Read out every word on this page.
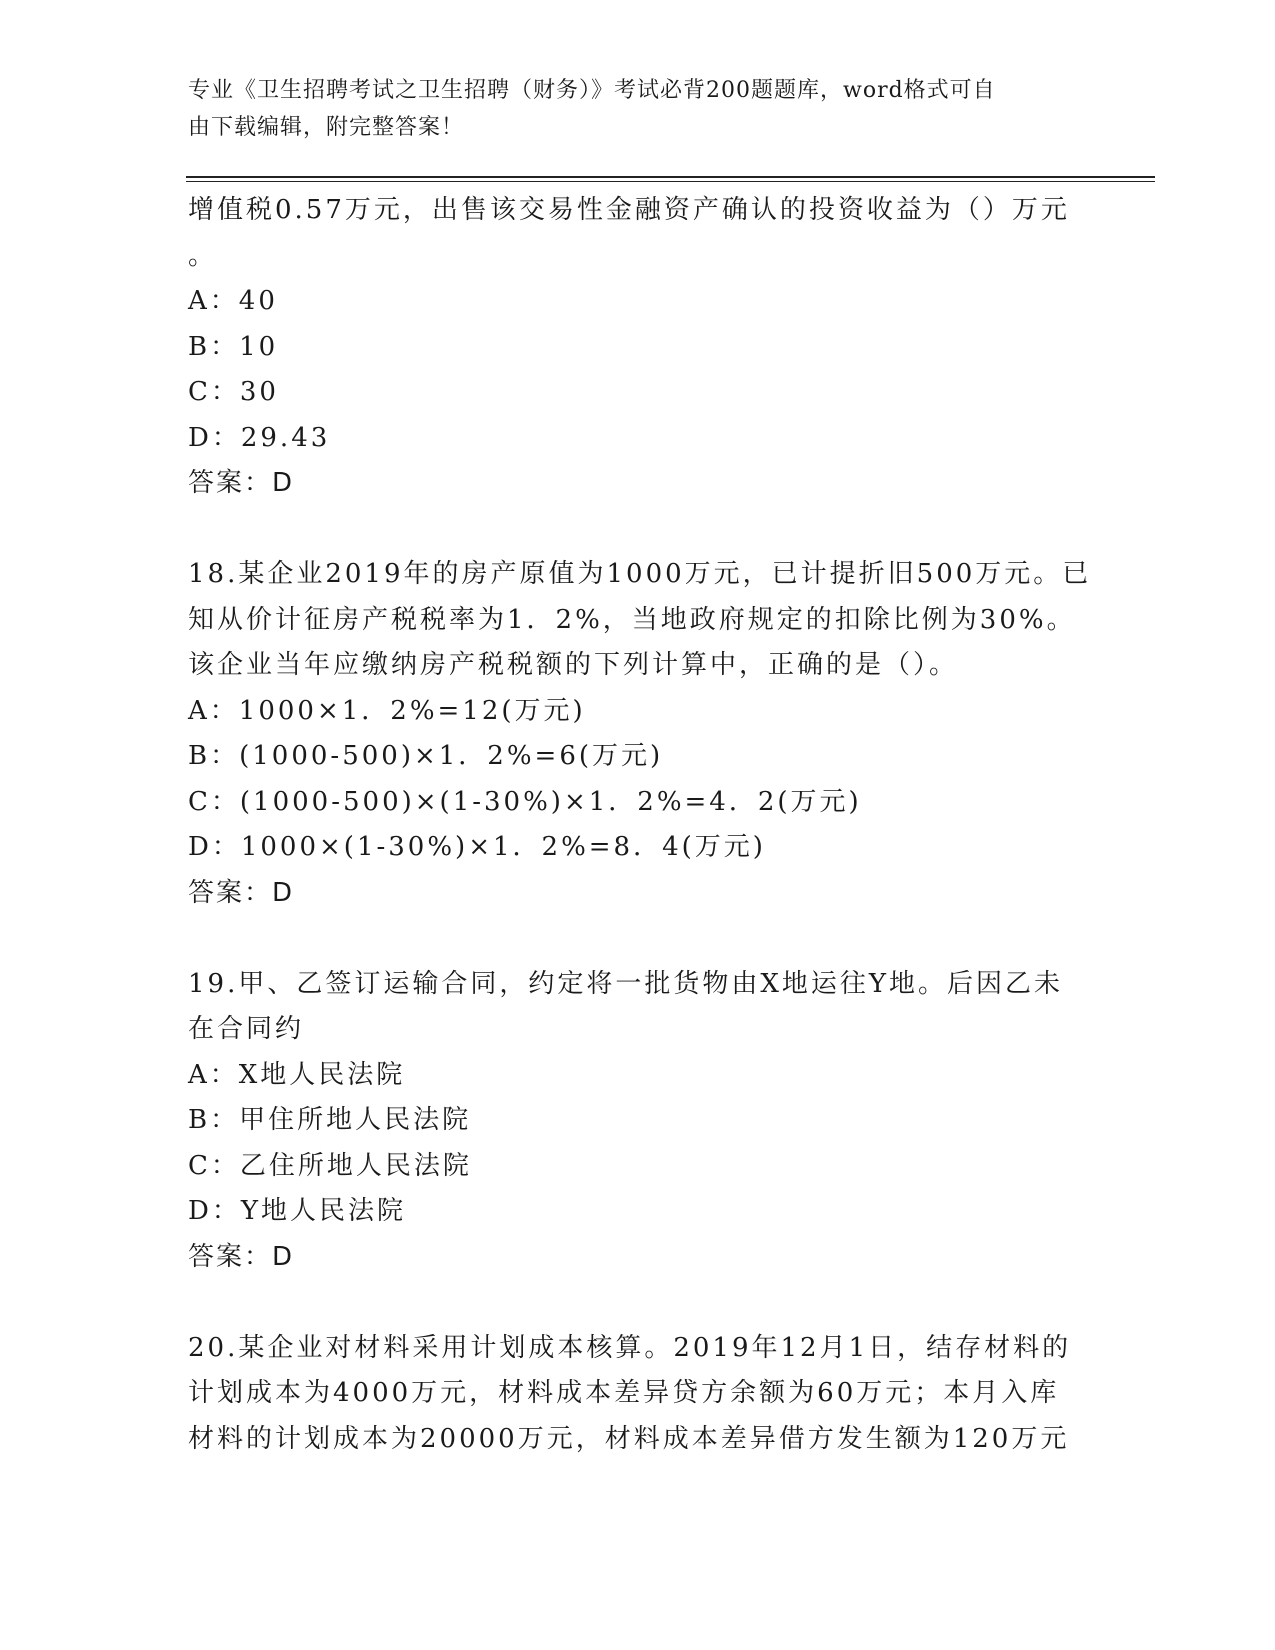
专业《卫生招聘考试之卫生招聘（财务）》考试必背200题题库，word格式可自
由下载编辑，附完整答案！
增值税0.57万元，出售该交易性金融资产确认的投资收益为（）万元
。
A：40
B：10
C：30
D：29.43
答案：D
18.某企业2019年的房产原值为1000万元，已计提折旧500万元。已
知从价计征房产税税率为1．2%，当地政府规定的扣除比例为30%。
该企业当年应缴纳房产税税额的下列计算中，正确的是（）。
A：1000×1．2%=12(万元)
B：(1000-500)×1．2%=6(万元)
C：(1000-500)×(1-30%)×1．2%=4．2(万元)
D：1000×(1-30%)×1．2%=8．4(万元)
答案：D
19.甲、乙签订运输合同，约定将一批货物由X地运往Y地。后因乙未
在合同约
A：X地人民法院
B：甲住所地人民法院
C：乙住所地人民法院
D：Y地人民法院
答案：D
20.某企业对材料采用计划成本核算。2019年12月1日，结存材料的
计划成本为4000万元，材料成本差异贷方余额为60万元；本月入库
材料的计划成本为20000万元，材料成本差异借方发生额为120万元
